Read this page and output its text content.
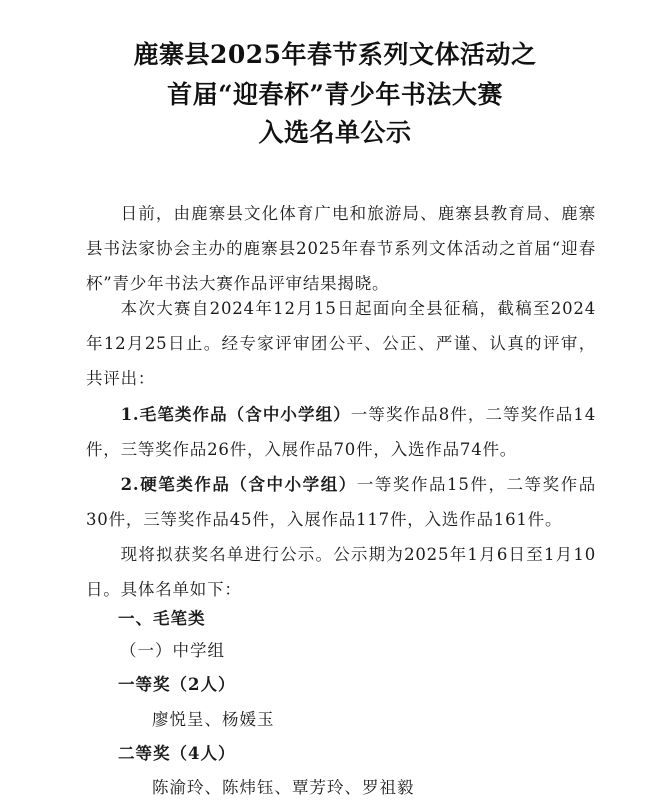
鹿寨县2025年春节系列文体活动之
首届“迎春杯”青少年书法大赛
入选名单公示
日前，由鹿寨县文化体育广电和旅游局、鹿寨县教育局、鹿寨县书法家协会主办的鹿寨县2025年春节系列文体活动之首届“迎春杯”青少年书法大赛作品评审结果揭晓。
本次大赛自2024年12月15日起面向全县征稿，截稿至2024年12月25日止。经专家评审团公平、公正、严谨、认真的评审，共评出：
1.毛笔类作品（含中小学组）一等奖作品8件，二等奖作品14件，三等奖作品26件，入展作品70件，入选作品74件。
2.硬笔类作品（含中小学组）一等奖作品15件，二等奖作品30件，三等奖作品45件，入展作品117件，入选作品161件。
现将拟获奖名单进行公示。公示期为2025年1月6日至1月10日。具体名单如下：
一、毛笔类
（一）中学组
一等奖（2人）
廖悦呈、杨媛玉
二等奖（4人）
陈渝玲、陈炜钰、覃芳玲、罗祖毅
